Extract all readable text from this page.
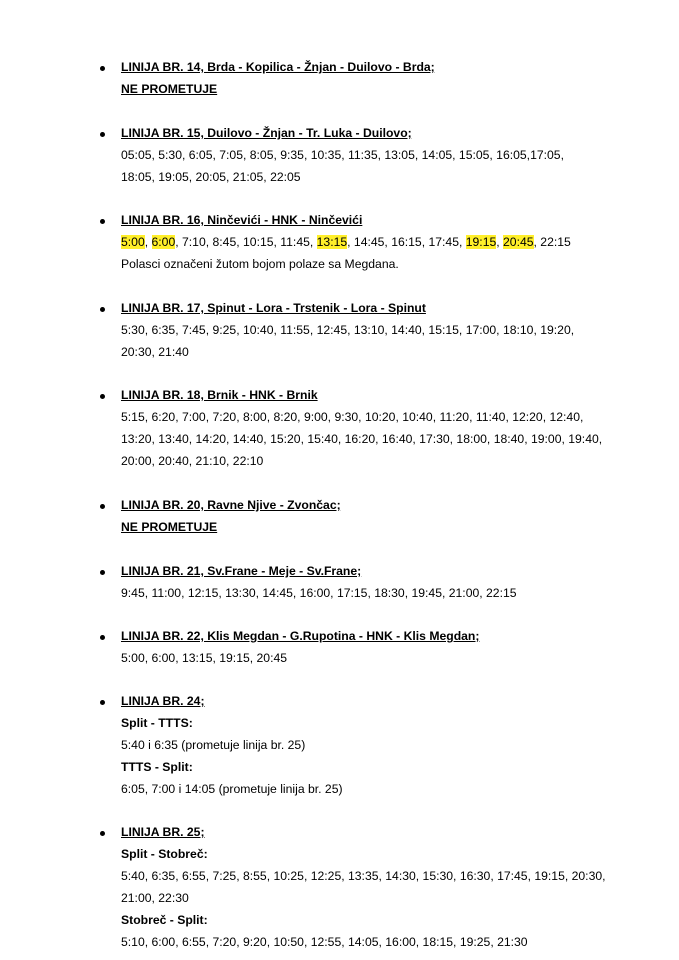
LINIJA BR. 14, Brda - Kopilica - Žnjan - Duilovo - Brda;
NE PROMETUJE
LINIJA BR. 15, Duilovo - Žnjan - Tr. Luka - Duilovo;
05:05, 5:30, 6:05, 7:05, 8:05, 9:35, 10:35, 11:35, 13:05, 14:05, 15:05, 16:05,17:05,
18:05, 19:05, 20:05, 21:05, 22:05
LINIJA BR. 16, Ninčevići - HNK - Ninčevići
5:00, 6:00, 7:10, 8:45, 10:15, 11:45, 13:15, 14:45, 16:15, 17:45, 19:15, 20:45, 22:15
Polasci označeni žutom bojom polaze sa Megdana.
LINIJA BR. 17, Spinut - Lora - Trstenik - Lora - Spinut
5:30, 6:35, 7:45, 9:25, 10:40, 11:55, 12:45, 13:10, 14:40, 15:15, 17:00, 18:10, 19:20,
20:30, 21:40
LINIJA BR. 18, Brnik - HNK - Brnik
5:15, 6:20, 7:00, 7:20, 8:00, 8:20, 9:00, 9:30, 10:20, 10:40, 11:20, 11:40, 12:20, 12:40,
13:20, 13:40, 14:20, 14:40, 15:20, 15:40, 16:20, 16:40, 17:30, 18:00, 18:40, 19:00, 19:40,
20:00, 20:40, 21:10, 22:10
LINIJA BR. 20, Ravne Njive - Zvončac;
NE PROMETUJE
LINIJA BR. 21, Sv.Frane - Meje - Sv.Frane;
9:45, 11:00, 12:15, 13:30, 14:45, 16:00, 17:15, 18:30, 19:45, 21:00, 22:15
LINIJA BR. 22, Klis Megdan - G.Rupotina - HNK - Klis Megdan;
5:00, 6:00, 13:15, 19:15, 20:45
LINIJA BR. 24;
Split - TTTS:
5:40 i 6:35 (prometuje linija br. 25)
TTTS - Split:
6:05, 7:00 i 14:05 (prometuje linija br. 25)
LINIJA BR. 25;
Split - Stobreč:
5:40, 6:35, 6:55, 7:25, 8:55, 10:25, 12:25, 13:35, 14:30, 15:30, 16:30, 17:45, 19:15, 20:30,
21:00, 22:30
Stobreč - Split:
5:10, 6:00, 6:55, 7:20, 9:20, 10:50, 12:55, 14:05, 16:00, 18:15, 19:25, 21:30
